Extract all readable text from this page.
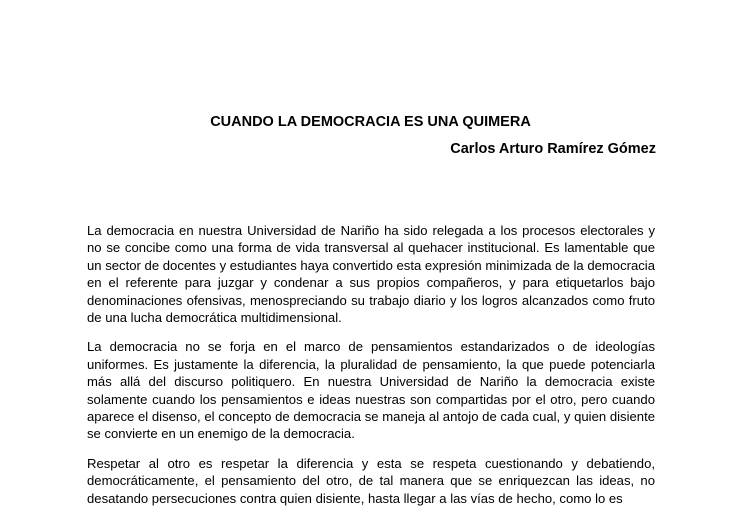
CUANDO LA DEMOCRACIA ES UNA QUIMERA
Carlos Arturo Ramírez Gómez

La democracia en nuestra Universidad de Nariño ha sido relegada a los procesos electorales y no se concibe como una forma de vida transversal al quehacer institucional. Es lamentable que un sector de docentes y estudiantes haya convertido esta expresión minimizada de la democracia en el referente para juzgar y condenar a sus propios compañeros, y para etiquetarlos bajo denominaciones ofensivas, menospreciando su trabajo diario y los logros alcanzados como fruto de una lucha democrática multidimensional.

La democracia no se forja en el marco de pensamientos estandarizados o de ideologías uniformes. Es justamente la diferencia, la pluralidad de pensamiento, la que puede potenciarla más allá del discurso politiquero. En nuestra Universidad de Nariño la democracia existe solamente cuando los pensamientos e ideas nuestras son compartidas por el otro, pero cuando aparece el disenso, el concepto de democracia se maneja al antojo de cada cual, y quien disiente se convierte en un enemigo de la democracia.

Respetar al otro es respetar la diferencia y esta se respeta cuestionando y debatiendo, democráticamente, el pensamiento del otro, de tal manera que se enriquezcan las ideas, no desatando persecuciones contra quien disiente, hasta llegar a las vías de hecho, como lo es
